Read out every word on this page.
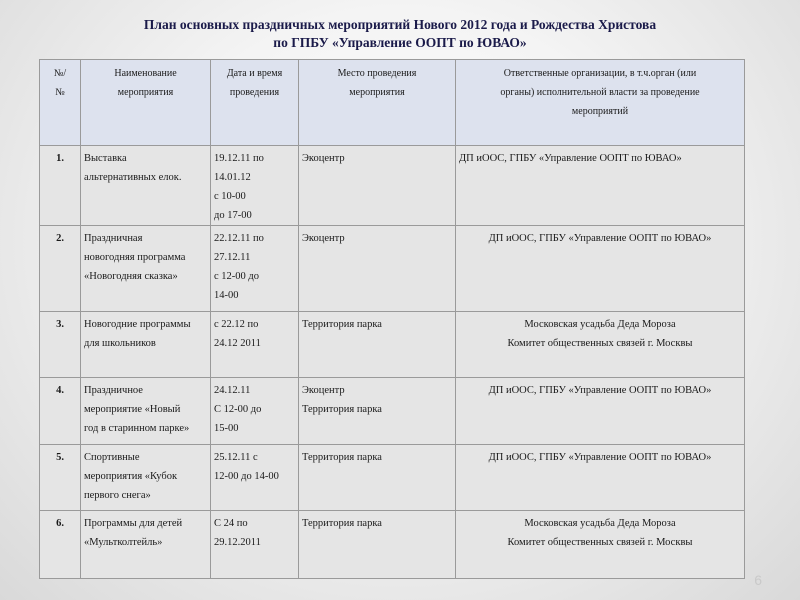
План основных праздничных мероприятий Нового 2012 года и Рождества Христова
по ГПБУ «Управление ООПТ по ЮВАО»
№/
№	Наименование
мероприятия	Дата и время
проведения	Место проведения
мероприятия	Ответственные организации, в т.ч.орган (или
органы) исполнительной власти за проведение
мероприятий

1.	Выставка
альтернативных елок.	19.12.11 по
14.01.12
с 10-00
до 17-00	Экоцентр	ДП иООС, ГПБУ «Управление ООПТ по ЮВАО»

2.	Праздничная
новогодняя программа
«Новогодняя сказка»	22.12.11 по
27.12.11
с 12-00 до
14-00	Экоцентр	ДП иООС, ГПБУ «Управление ООПТ по ЮВАО»

3.	Новогодние программы
для школьников	с 22.12 по
24.12 2011	Территория парка	Московская усадьба Деда Мороза
Комитет общественных связей г. Москвы

4.	Праздничное
мероприятие «Новый
год в старинном парке»	24.12.11
С 12-00 до
15-00	Экоцентр
Территория парка	ДП иООС, ГПБУ «Управление ООПТ по ЮВАО»

5.	Спортивные
мероприятия «Кубок
первого снега»	25.12.11 с
12-00 до 14-00	Территория парка	ДП иООС, ГПБУ «Управление ООПТ по ЮВАО»

6.	Программы для детей
«Мультколтейль»	С 24 по
29.12.2011	Территория парка	Московская усадьба Деда Мороза
Комитет общественных связей г. Москвы
6
